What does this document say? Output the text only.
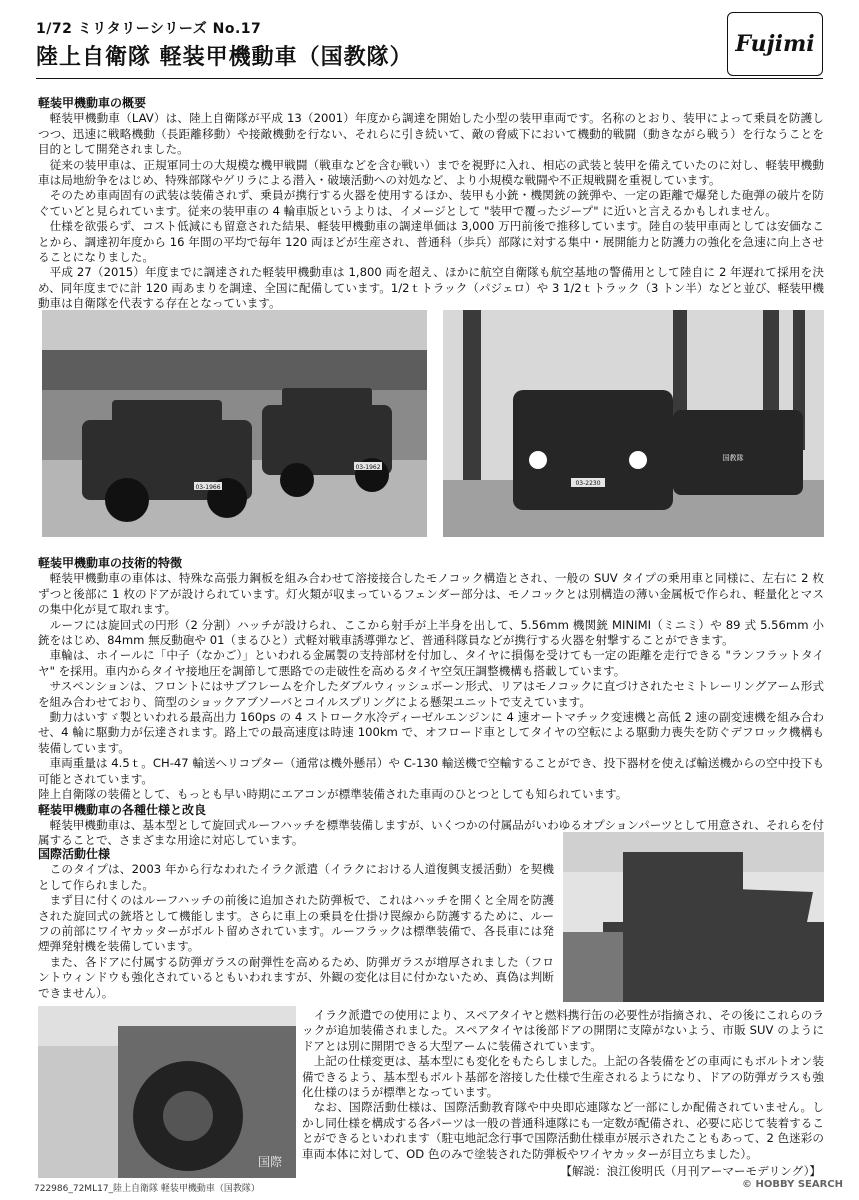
1/72 ミリタリーシリーズ No.17
陸上自衛隊 軽装甲機動車（国教隊）
Fujimi
軽装甲機動車の概要

軽装甲機動車（LAV）は、陸上自衛隊が平成 13（2001）年度から調達を開始した小型の装甲車両です。名称のとおり、装甲によって乗員を防護しつつ、迅速に戦略機動（長距離移動）や接敵機動を行ない、それらに引き続いて、敵の脅威下において機動的戦闘（動きながら戦う）を行なうことを目的として開発されました。

従来の装甲車は、正規軍同士の大規模な機甲戦闘（戦車などを含む戦い）までを視野に入れ、相応の武装と装甲を備えていたのに対し、軽装甲機動車は局地紛争をはじめ、特殊部隊やゲリラによる潜入・破壊活動への対処など、より小規模な戦闘や不正規戦闘を重視しています。

そのため車両固有の武装は装備されず、乗員が携行する火器を使用するほか、装甲も小銃・機関銃の銃弾や、一定の距離で爆発した砲弾の破片を防ぐていどと見られています。従来の装甲車の 4 輪車版というよりは、イメージとして "装甲で覆ったジープ" に近いと言えるかもしれません。

仕様を欲張らず、コスト低減にも留意された結果、軽装甲機動車の調達単価は 3,000 万円前後で推移しています。陸自の装甲車両としては安価なことから、調達初年度から 16 年間の平均で毎年 120 両ほどが生産され、普通科（歩兵）部隊に対する集中・展開能力と防護力の強化を急速に向上させることになりました。

平成 27（2015）年度までに調達された軽装甲機動車は 1,800 両を超え、ほかに航空自衛隊も航空基地の警備用として陸自に 2 年遅れて採用を決め、同年度までに計 120 両あまりを調達、全国に配備しています。1/2ｔトラック（パジェロ）や 3 1/2ｔトラック（3 トン半）などと並び、軽装甲機動車は自衛隊を代表する存在となっています。

03-1966
03-1962
03-2230
国教隊
軽装甲機動車の技術的特徴

軽装甲機動車の車体は、特殊な高張力鋼板を組み合わせて溶接接合したモノコック構造とされ、一般の SUV タイプの乗用車と同様に、左右に 2 枚ずつと後部に 1 枚のドアが設けられています。灯火類が収まっているフェンダー部分は、モノコックとは別構造の薄い金属板で作られ、軽量化とマスの集中化が見て取れます。

ルーフには旋回式の円形（2 分割）ハッチが設けられ、ここから射手が上半身を出して、5.56mm 機関銃 MINIMI（ミニミ）や 89 式 5.56mm 小銃をはじめ、84mm 無反動砲や 01（まるひと）式軽対戦車誘導弾など、普通科隊員などが携行する火器を射撃することができます。

車輪は、ホイールに「中子（なかご）」といわれる金属製の支持部材を付加し、タイヤに損傷を受けても一定の距離を走行できる "ランフラットタイヤ" を採用。車内からタイヤ接地圧を調節して悪路での走破性を高めるタイヤ空気圧調整機構も搭載しています。

サスペンションは、フロントにはサブフレームを介したダブルウィッシュボーン形式、リアはモノコックに直づけされたセミトレーリングアーム形式を組み合わせており、筒型のショックアブソーバとコイルスプリングによる懸架ユニットで支えています。

動力はいすゞ製といわれる最高出力 160ps の 4 ストローク水冷ディーゼルエンジンに 4 速オートマチック変速機と高低 2 速の副変速機を組み合わせ、4 輪に駆動力が伝達されます。路上での最高速度は時速 100km で、オフロード車としてタイヤの空転による駆動力喪失を防ぐデフロック機構も装備しています。

車両重量は 4.5ｔ。CH-47 輸送ヘリコプター（通常は機外懸吊）や C-130 輸送機で空輸することができ、投下器材を使えば輸送機からの空中投下も可能とされています。

陸上自衛隊の装備として、もっとも早い時期にエアコンが標準装備された車両のひとつとしても知られています。

軽装甲機動車の各種仕様と改良

軽装甲機動車は、基本型として旋回式ルーフハッチを標準装備しますが、いくつかの付属品がいわゆるオプションパーツとして用意され、それらを付属することで、さまざまな用途に対応しています。

国際活動仕様

このタイプは、2003 年から行なわれたイラク派遣（イラクにおける人道復興支援活動）を契機として作られました。

まず目に付くのはルーフハッチの前後に追加された防弾板で、これはハッチを開くと全周を防護された旋回式の銃塔として機能します。さらに車上の乗員を仕掛け罠線から防護するために、ルーフの前部にワイヤカッターがボルト留めされています。ルーフラックは標準装備で、各長車には発煙弾発射機を装備しています。

また、各ドアに付属する防弾ガラスの耐弾性を高めるため、防弾ガラスが増厚されました（フロントウィンドウも強化されているともいわれますが、外観の変化は目に付かないため、真偽は判断できません）。

国際

イラク派遣での使用により、スペアタイヤと燃料携行缶の必要性が指摘され、その後にこれらのラックが追加装備されました。スペアタイヤは後部ドアの開閉に支障がないよう、市販 SUV のようにドアとは別に開閉できる大型アームに装備されています。

上記の仕様変更は、基本型にも変化をもたらしました。上記の各装備をどの車両にもボルトオン装備できるよう、基本型もボルト基部を溶接した仕様で生産されるようになり、ドアの防弾ガラスも強化仕様のほうが標準となっています。

なお、国際活動仕様は、国際活動教育隊や中央即応連隊など一部にしか配備されていません。しかし同仕様を構成する各パーツは一般の普通科連隊にも一定数が配備され、必要に応じて装着することができるといわれます（駐屯地記念行事で国際活動仕様車が展示されたこともあって、2 色迷彩の車両本体に対して、OD 色のみで塗装された防弾板やワイヤカッターが目立ちました）。

【解説：浪江俊明氏（月刊アーマーモデリング）】
722986_72ML17_陸上自衛隊 軽装甲機動車（国教隊）	© HOBBY SEARCH
